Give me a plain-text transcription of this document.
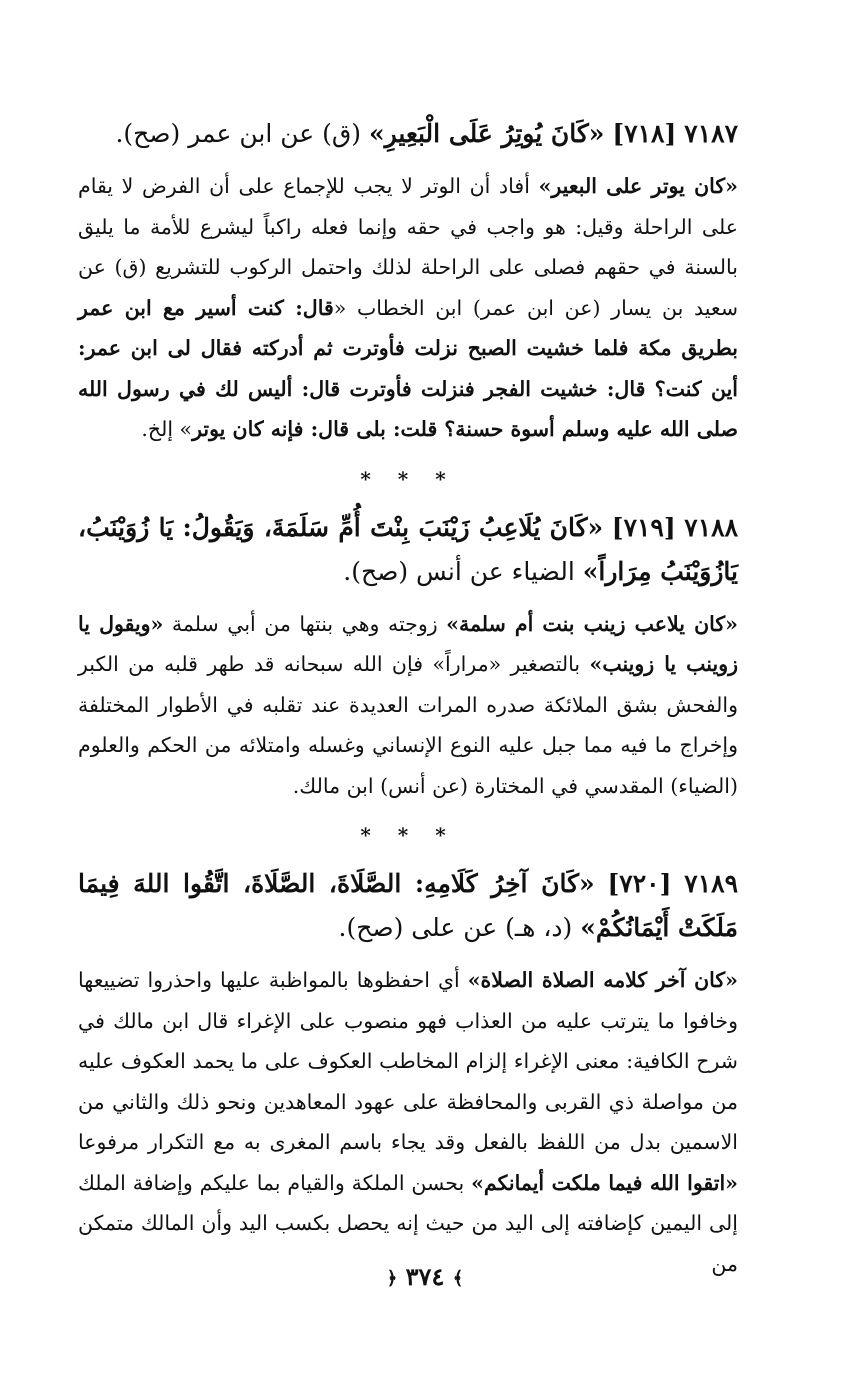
٧١٨٧ [٧١٨] «كَانَ يُوتِرُ عَلَى الْبَعِيرِ» (ق) عن ابن عمر (صح).

«كان يوتر على البعير» أفاد أن الوتر لا يجب للإجماع على أن الفرض لا يقام على الراحلة وقيل: هو واجب في حقه وإنما فعله راكباً ليشرع للأمة ما يليق بالسنة في حقهم فصلى على الراحلة لذلك واحتمل الركوب للتشريع (ق) عن سعيد بن يسار (عن ابن عمر) ابن الخطاب «قال: كنت أسير مع ابن عمر بطريق مكة فلما خشيت الصبح نزلت فأوترت ثم أدركته فقال لى ابن عمر: أين كنت؟ قال: خشيت الفجر فنزلت فأوترت قال: أليس لك في رسول الله صلى الله عليه وسلم أسوة حسنة؟ قلت: بلى قال: فإنه كان يوتر» إلخ.

* * *

٧١٨٨ [٧١٩] «كَانَ يُلَاعِبُ زَيْنَبَ بِنْتَ أُمِّ سَلَمَةَ، وَيَقُولُ: يَا زُوَيْنَبُ، يَازُوَيْنَبُ مِرَاراً» الضياء عن أنس (صح).

«كان يلاعب زينب بنت أم سلمة» زوجته وهي بنتها من أبي سلمة «ويقول يا زوينب يا زوينب» بالتصغير «مراراً» فإن الله سبحانه قد طهر قلبه من الكبر والفحش بشق الملائكة صدره المرات العديدة عند تقلبه في الأطوار المختلفة وإخراج ما فيه مما جبل عليه النوع الإنساني وغسله وامتلائه من الحكم والعلوم (الضياء) المقدسي في المختارة (عن أنس) ابن مالك.

* * *

٧١٨٩ [٧٢٠] «كَانَ آخِرُ كَلَامِهِ: الصَّلَاةَ، الصَّلَاةَ، اتَّقُوا اللهَ فِيمَا مَلَكَتْ أَيْمَانُكُمْ» (د، هـ) عن على (صح).

«كان آخر كلامه الصلاة الصلاة» أي احفظوها بالمواظبة عليها واحذروا تضييعها وخافوا ما يترتب عليه من العذاب فهو منصوب على الإغراء قال ابن مالك في شرح الكافية: معنى الإغراء إلزام المخاطب العكوف على ما يحمد العكوف عليه من مواصلة ذي القربى والمحافظة على عهود المعاهدين ونحو ذلك والثاني من الاسمين بدل من اللفظ بالفعل وقد يجاء باسم المغرى به مع التكرار مرفوعا «اتقوا الله فيما ملكت أيمانكم» بحسن الملكة والقيام بما عليكم وإضافة الملك إلى اليمين كإضافته إلى اليد من حيث إنه يحصل بكسب اليد وأن المالك متمكن من

﴾ ٣٧٤ ﴿
